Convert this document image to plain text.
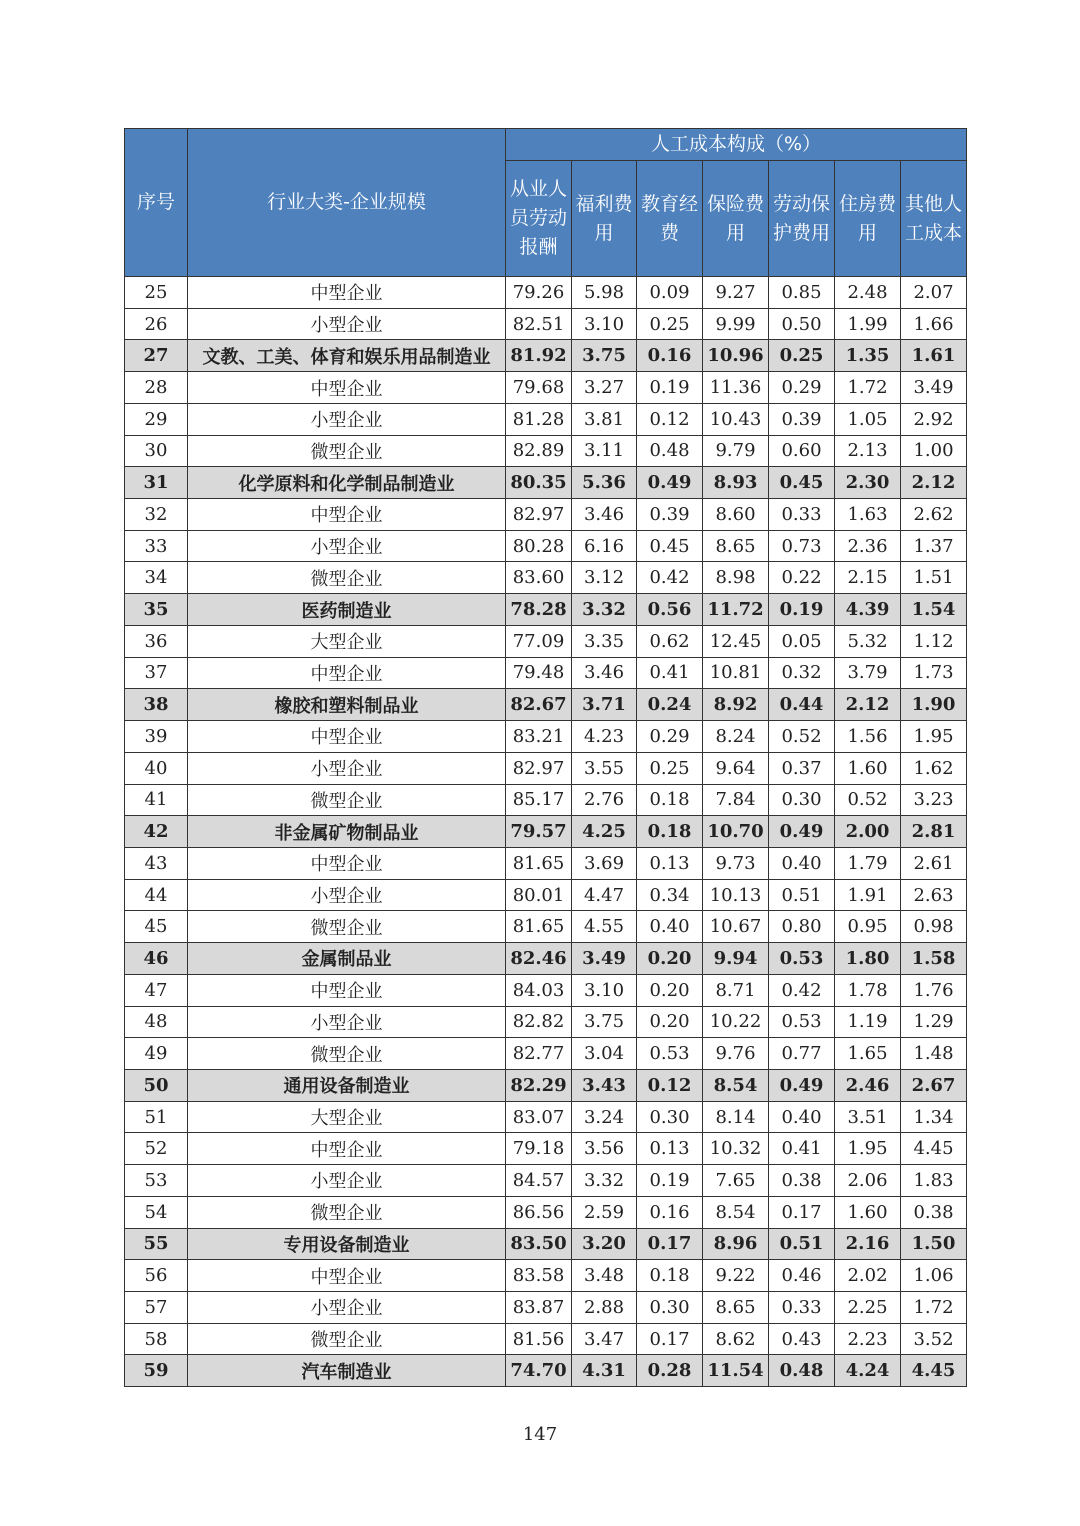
序号	行业大类-企业规模	人工成本构成（%）						
		从业人员劳动报酬	福利费用	教育经费	保险费用	劳动保护费用	住房费用	其他人工成本
25	中型企业	79.26	5.98	0.09	9.27	0.85	2.48	2.07
26	小型企业	82.51	3.10	0.25	9.99	0.50	1.99	1.66
27	文教、工美、体育和娱乐用品制造业	81.92	3.75	0.16	10.96	0.25	1.35	1.61
28	中型企业	79.68	3.27	0.19	11.36	0.29	1.72	3.49
29	小型企业	81.28	3.81	0.12	10.43	0.39	1.05	2.92
30	微型企业	82.89	3.11	0.48	9.79	0.60	2.13	1.00
31	化学原料和化学制品制造业	80.35	5.36	0.49	8.93	0.45	2.30	2.12
32	中型企业	82.97	3.46	0.39	8.60	0.33	1.63	2.62
33	小型企业	80.28	6.16	0.45	8.65	0.73	2.36	1.37
34	微型企业	83.60	3.12	0.42	8.98	0.22	2.15	1.51
35	医药制造业	78.28	3.32	0.56	11.72	0.19	4.39	1.54
36	大型企业	77.09	3.35	0.62	12.45	0.05	5.32	1.12
37	中型企业	79.48	3.46	0.41	10.81	0.32	3.79	1.73
38	橡胶和塑料制品业	82.67	3.71	0.24	8.92	0.44	2.12	1.90
39	中型企业	83.21	4.23	0.29	8.24	0.52	1.56	1.95
40	小型企业	82.97	3.55	0.25	9.64	0.37	1.60	1.62
41	微型企业	85.17	2.76	0.18	7.84	0.30	0.52	3.23
42	非金属矿物制品业	79.57	4.25	0.18	10.70	0.49	2.00	2.81
43	中型企业	81.65	3.69	0.13	9.73	0.40	1.79	2.61
44	小型企业	80.01	4.47	0.34	10.13	0.51	1.91	2.63
45	微型企业	81.65	4.55	0.40	10.67	0.80	0.95	0.98
46	金属制品业	82.46	3.49	0.20	9.94	0.53	1.80	1.58
47	中型企业	84.03	3.10	0.20	8.71	0.42	1.78	1.76
48	小型企业	82.82	3.75	0.20	10.22	0.53	1.19	1.29
49	微型企业	82.77	3.04	0.53	9.76	0.77	1.65	1.48
50	通用设备制造业	82.29	3.43	0.12	8.54	0.49	2.46	2.67
51	大型企业	83.07	3.24	0.30	8.14	0.40	3.51	1.34
52	中型企业	79.18	3.56	0.13	10.32	0.41	1.95	4.45
53	小型企业	84.57	3.32	0.19	7.65	0.38	2.06	1.83
54	微型企业	86.56	2.59	0.16	8.54	0.17	1.60	0.38
55	专用设备制造业	83.50	3.20	0.17	8.96	0.51	2.16	1.50
56	中型企业	83.58	3.48	0.18	9.22	0.46	2.02	1.06
57	小型企业	83.87	2.88	0.30	8.65	0.33	2.25	1.72
58	微型企业	81.56	3.47	0.17	8.62	0.43	2.23	3.52
59	汽车制造业	74.70	4.31	0.28	11.54	0.48	4.24	4.45
147
